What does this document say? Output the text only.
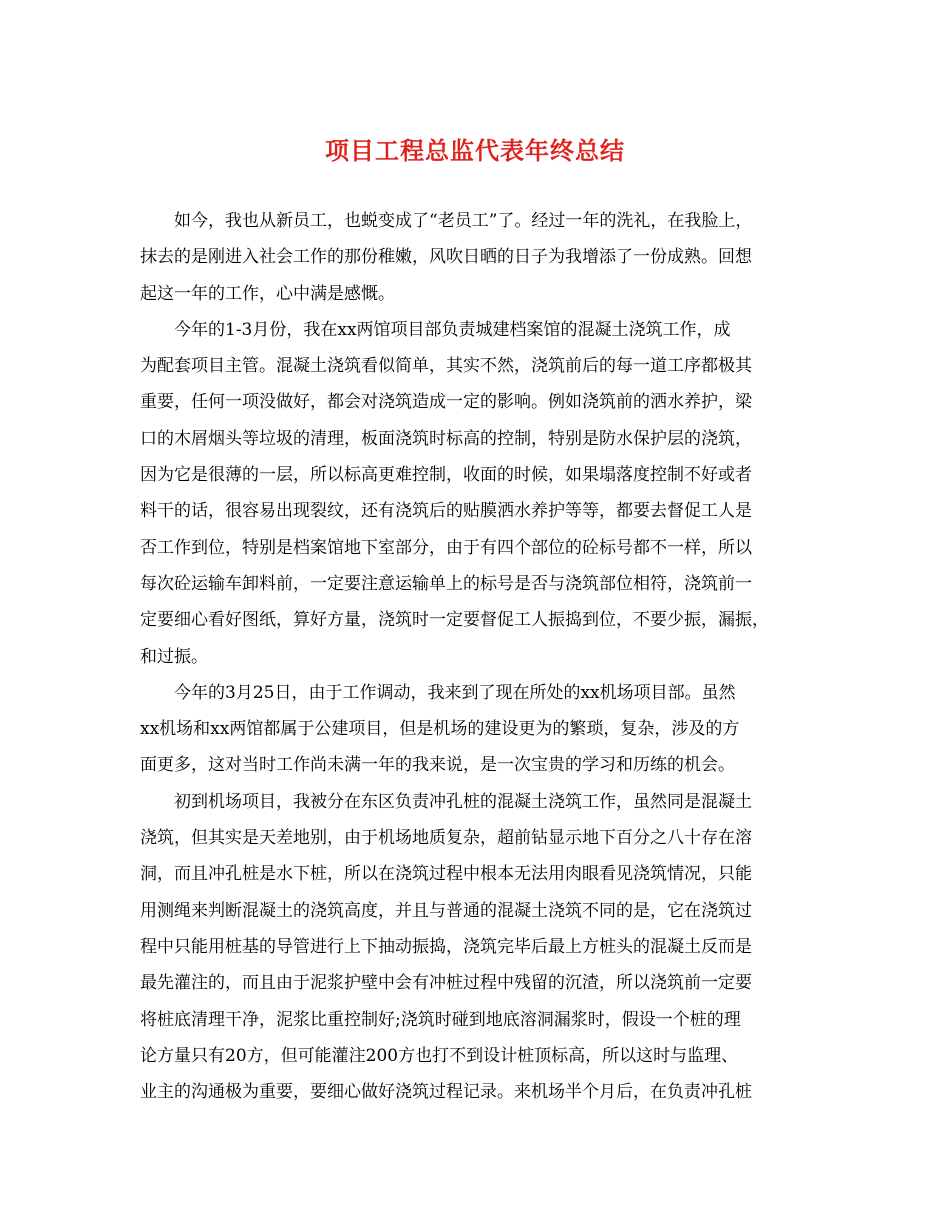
项目工程总监代表年终总结
如今，我也从新员工，也蜕变成了“老员工”了。经过一年的洗礼，在我脸上，
抹去的是刚进入社会工作的那份稚嫩，风吹日晒的日子为我增添了一份成熟。回想
起这一年的工作，心中满是感慨。
今年的1-3月份，我在xx两馆项目部负责城建档案馆的混凝土浇筑工作，成
为配套项目主管。混凝土浇筑看似简单，其实不然，浇筑前后的每一道工序都极其
重要，任何一项没做好，都会对浇筑造成一定的影响。例如浇筑前的洒水养护，梁
口的木屑烟头等垃圾的清理，板面浇筑时标高的控制，特别是防水保护层的浇筑，
因为它是很薄的一层，所以标高更难控制，收面的时候，如果塌落度控制不好或者
料干的话，很容易出现裂纹，还有浇筑后的贴膜洒水养护等等，都要去督促工人是
否工作到位，特别是档案馆地下室部分，由于有四个部位的砼标号都不一样，所以
每次砼运输车卸料前，一定要注意运输单上的标号是否与浇筑部位相符，浇筑前一
定要细心看好图纸，算好方量，浇筑时一定要督促工人振捣到位，不要少振，漏振，
和过振。
今年的3月25日，由于工作调动，我来到了现在所处的xx机场项目部。虽然
xx机场和xx两馆都属于公建项目，但是机场的建设更为的繁琐，复杂，涉及的方
面更多，这对当时工作尚未满一年的我来说，是一次宝贵的学习和历练的机会。
初到机场项目，我被分在东区负责冲孔桩的混凝土浇筑工作，虽然同是混凝土
浇筑，但其实是天差地别，由于机场地质复杂，超前钻显示地下百分之八十存在溶
洞，而且冲孔桩是水下桩，所以在浇筑过程中根本无法用肉眼看见浇筑情况，只能
用测绳来判断混凝土的浇筑高度，并且与普通的混凝土浇筑不同的是，它在浇筑过
程中只能用桩基的导管进行上下抽动振捣，浇筑完毕后最上方桩头的混凝土反而是
最先灌注的，而且由于泥浆护壁中会有冲桩过程中残留的沉渣，所以浇筑前一定要
将桩底清理干净，泥浆比重控制好;浇筑时碰到地底溶洞漏浆时，假设一个桩的理
论方量只有20方，但可能灌注200方也打不到设计桩顶标高，所以这时与监理、
业主的沟通极为重要，要细心做好浇筑过程记录。来机场半个月后，在负责冲孔桩
